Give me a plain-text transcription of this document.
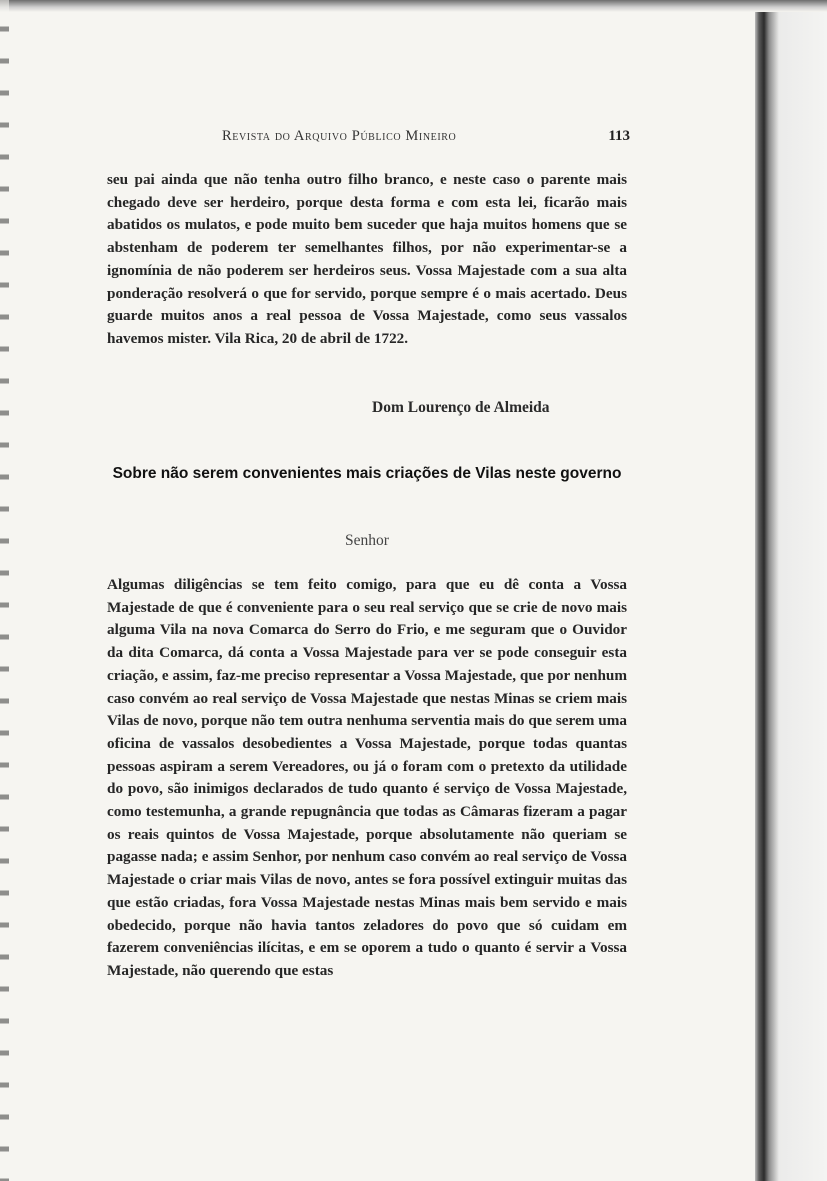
Revista do Arquivo Público Mineiro	113

seu pai ainda que não tenha outro filho branco, e neste caso o parente mais chegado deve ser herdeiro, porque desta forma e com esta lei, ficarão mais abatidos os mulatos, e pode muito bem suceder que haja muitos homens que se abstenham de poderem ter semelhantes filhos, por não experimentar-se a ignomínia de não poderem ser herdeiros seus. Vossa Majestade com a sua alta ponderação resolverá o que for servido, porque sempre é o mais acertado. Deus guarde muitos anos a real pessoa de Vossa Majestade, como seus vassalos havemos mister. Vila Rica, 20 de abril de 1722.

Dom Lourenço de Almeida
Sobre não serem convenientes mais criações de Vilas neste governo
Senhor

Algumas diligências se tem feito comigo, para que eu dê conta a Vossa Majestade de que é conveniente para o seu real serviço que se crie de novo mais alguma Vila na nova Comarca do Serro do Frio, e me seguram que o Ouvidor da dita Comarca, dá conta a Vossa Majestade para ver se pode conseguir esta criação, e assim, faz-me preciso representar a Vossa Majestade, que por nenhum caso convém ao real serviço de Vossa Majestade que nestas Minas se criem mais Vilas de novo, porque não tem outra nenhuma serventia mais do que serem uma oficina de vassalos desobedientes a Vossa Majestade, porque todas quantas pessoas aspiram a serem Vereadores, ou já o foram com o pretexto da utilidade do povo, são inimigos declarados de tudo quanto é serviço de Vossa Majestade, como testemunha, a grande repugnância que todas as Câmaras fizeram a pagar os reais quintos de Vossa Majestade, porque absolutamente não queriam se pagasse nada; e assim Senhor, por nenhum caso convém ao real serviço de Vossa Majestade o criar mais Vilas de novo, antes se fora possível extinguir muitas das que estão criadas, fora Vossa Majestade nestas Minas mais bem servido e mais obedecido, porque não havia tantos zeladores do povo que só cuidam em fazerem conveniências ilícitas, e em se oporem a tudo o quanto é servir a Vossa Majestade, não querendo que estas
